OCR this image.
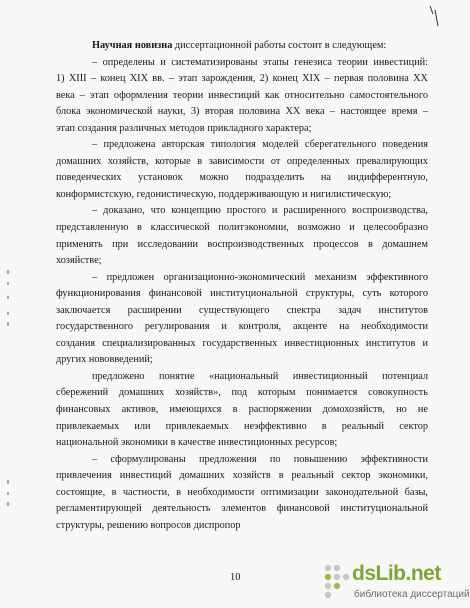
Научная новизна диссертационной работы состоит в следующем:
– определены и систематизированы этапы генезиса теории инвестиций:
1) XIII – конец XIX вв. – этап зарождения, 2) конец XIX – первая половина XX
века – этап оформления теории инвестиций как относительно самостоятельного
блока экономической науки, 3) вторая половина XX века – настоящее время –
этап создания различных методов прикладного характера;
– предложена авторская типология моделей сберегательного поведения
домашних хозяйств, которые в зависимости от определенных превалирующих
поведенческих установок можно подразделить на индифферентную,
конформистскую, гедонистическую, поддерживающую и нигилистическую;
– доказано, что концепцию простого и расширенного воспроизводства,
представленную в классической политэкономии, возможно и целесообразно
применять при исследовании воспроизводственных процессов в домашнем
хозяйстве;
– предложен организационно-экономический механизм эффективного
функционирования финансовой институциональной структуры, суть которого
заключается расширении существующего спектра задач институтов
государственного регулирования и контроля, акценте на необходимости
создания специализированных государственных инвестиционных институтов и
других нововведений;
предложено понятие «национальный инвестиционный потенциал
сбережений домашних хозяйств», под которым понимается совокупность
финансовых активов, имеющихся в распоряжении домохозяйств, но не
привлекаемых или привлекаемых неэффективно в реальный сектор
национальной экономики в качестве инвестиционных ресурсов;
– сформулированы предложения по повышению эффективности
привлечения инвестиций домашних хозяйств в реальный сектор экономики,
состоящие, в частности, в необходимости оптимизации законодательной базы,
регламентирующей деятельность элементов финансовой институциональной
структуры, решению вопросов диспропор
10	dsLib.net
библиотека диссертаций
